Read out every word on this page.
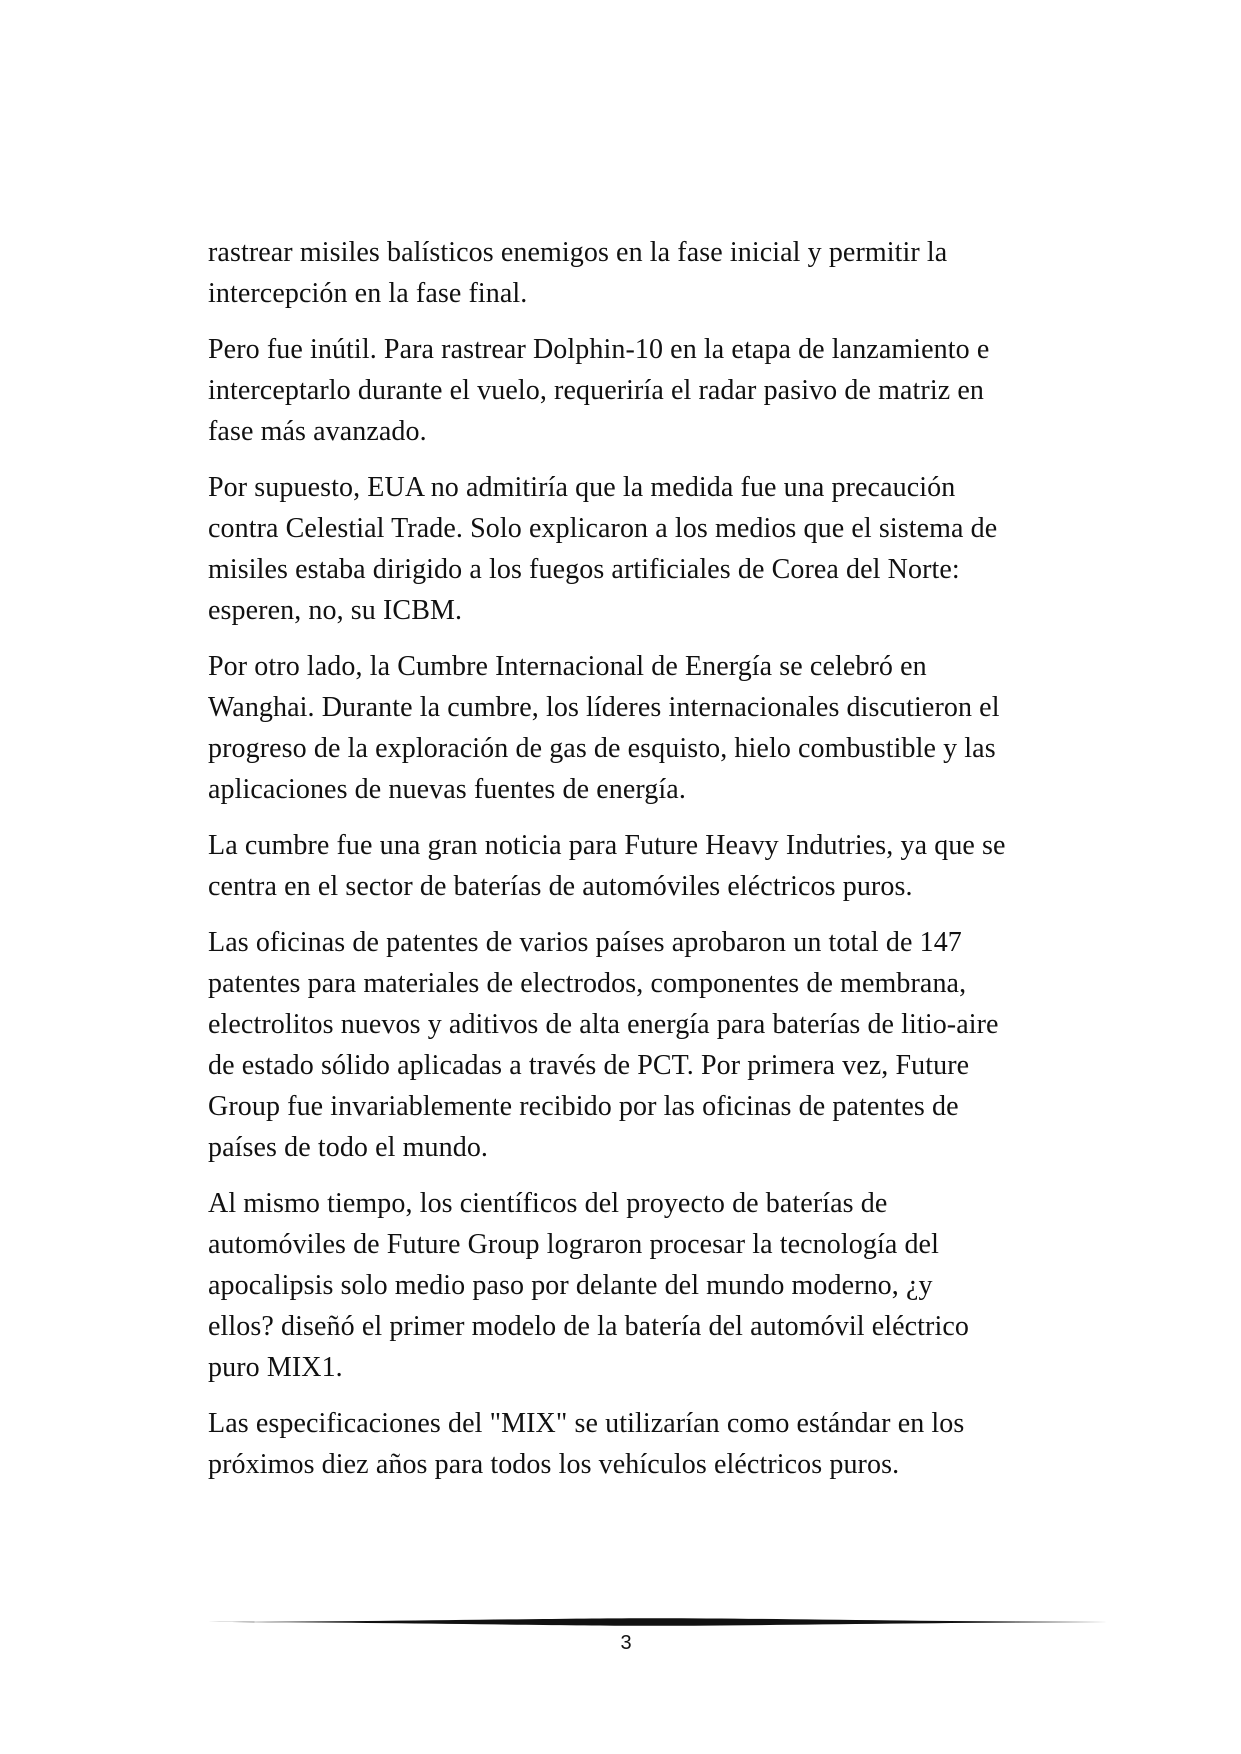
rastrear misiles balísticos enemigos en la fase inicial y permitir la
intercepción en la fase final.

Pero fue inútil. Para rastrear Dolphin-10 en la etapa de lanzamiento e
interceptarlo durante el vuelo, requeriría el radar pasivo de matriz en
fase más avanzado.

Por supuesto, EUA no admitiría que la medida fue una precaución
contra Celestial Trade. Solo explicaron a los medios que el sistema de
misiles estaba dirigido a los fuegos artificiales de Corea del Norte:
esperen, no, su ICBM.

Por otro lado, la Cumbre Internacional de Energía se celebró en
Wanghai. Durante la cumbre, los líderes internacionales discutieron el
progreso de la exploración de gas de esquisto, hielo combustible y las
aplicaciones de nuevas fuentes de energía.

La cumbre fue una gran noticia para Future Heavy Indutries, ya que se
centra en el sector de baterías de automóviles eléctricos puros.

Las oficinas de patentes de varios países aprobaron un total de 147
patentes para materiales de electrodos, componentes de membrana,
electrolitos nuevos y aditivos de alta energía para baterías de litio-aire
de estado sólido aplicadas a través de PCT. Por primera vez, Future
Group fue invariablemente recibido por las oficinas de patentes de
países de todo el mundo.

Al mismo tiempo, los científicos del proyecto de baterías de
automóviles de Future Group lograron procesar la tecnología del
apocalipsis solo medio paso por delante del mundo moderno, ¿y
ellos? diseñó el primer modelo de la batería del automóvil eléctrico
puro MIX1.

Las especificaciones del "MIX" se utilizarían como estándar en los
próximos diez años para todos los vehículos eléctricos puros.

3
